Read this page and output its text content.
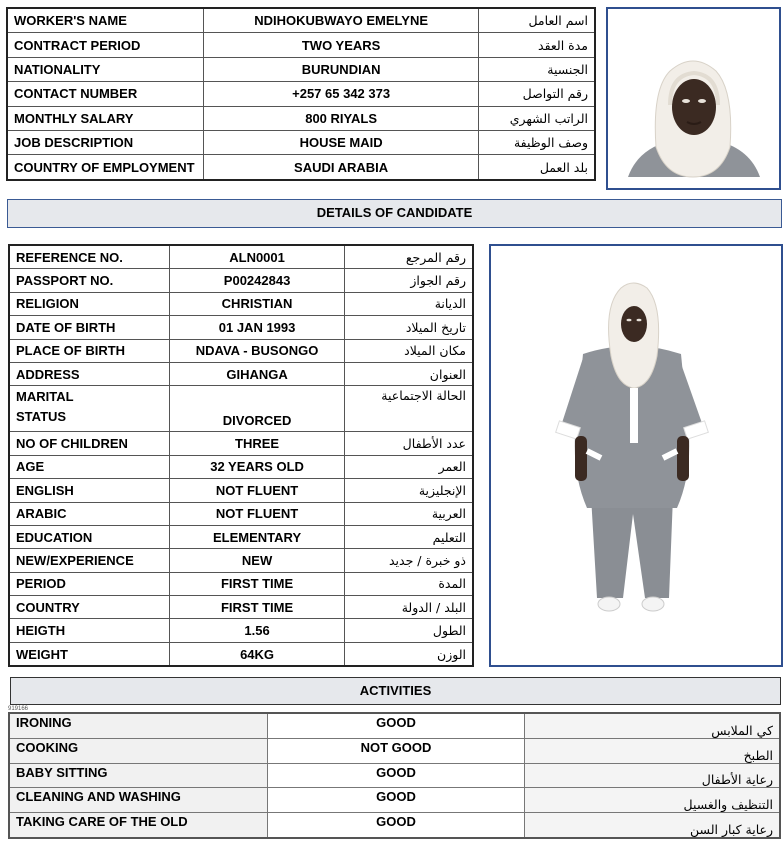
WORKER'S NAME	NDIHOKUBWAYO EMELYNE	اسم العامل
CONTRACT PERIOD	TWO YEARS	مدة العقد
NATIONALITY	BURUNDIAN	الجنسية
CONTACT NUMBER	+257 65 342 373	رقم التواصل
MONTHLY SALARY	800 RIYALS	الراتب الشهري
JOB DESCRIPTION	HOUSE MAID	وصف الوظيفة
COUNTRY OF EMPLOYMENT	SAUDI ARABIA	بلد العمل
DETAILS OF CANDIDATE
REFERENCE NO.	ALN0001	رقم المرجع
PASSPORT NO.	P00242843	رقم الجواز
RELIGION	CHRISTIAN	الديانة
DATE OF BIRTH	01 JAN 1993	تاريخ الميلاد
PLACE OF BIRTH	NDAVA - BUSONGO	مكان الميلاد
ADDRESS	GIHANGA	العنوان

MARITAL
STATUS	DIVORCED	الحالة الاجتماعية
NO OF CHILDREN	THREE	عدد الأطفال
AGE	32 YEARS OLD	العمر
ENGLISH	NOT FLUENT	الإنجليزية
ARABIC	NOT FLUENT	العربية
EDUCATION	ELEMENTARY	التعليم
NEW/EXPERIENCE	NEW	ذو خبرة / جديد
PERIOD	FIRST TIME	المدة
COUNTRY	FIRST TIME	البلد / الدولة
HEIGTH	1.56	الطول
WEIGHT	64KG	الوزن
ACTIVITIES
919166
IRONING	GOOD	كي الملابس
COOKING	NOT GOOD	الطبخ
BABY SITTING	GOOD	رعاية الأطفال
CLEANING AND WASHING	GOOD	التنظيف والغسيل
TAKING CARE OF THE OLD	GOOD	رعاية كبار السن
